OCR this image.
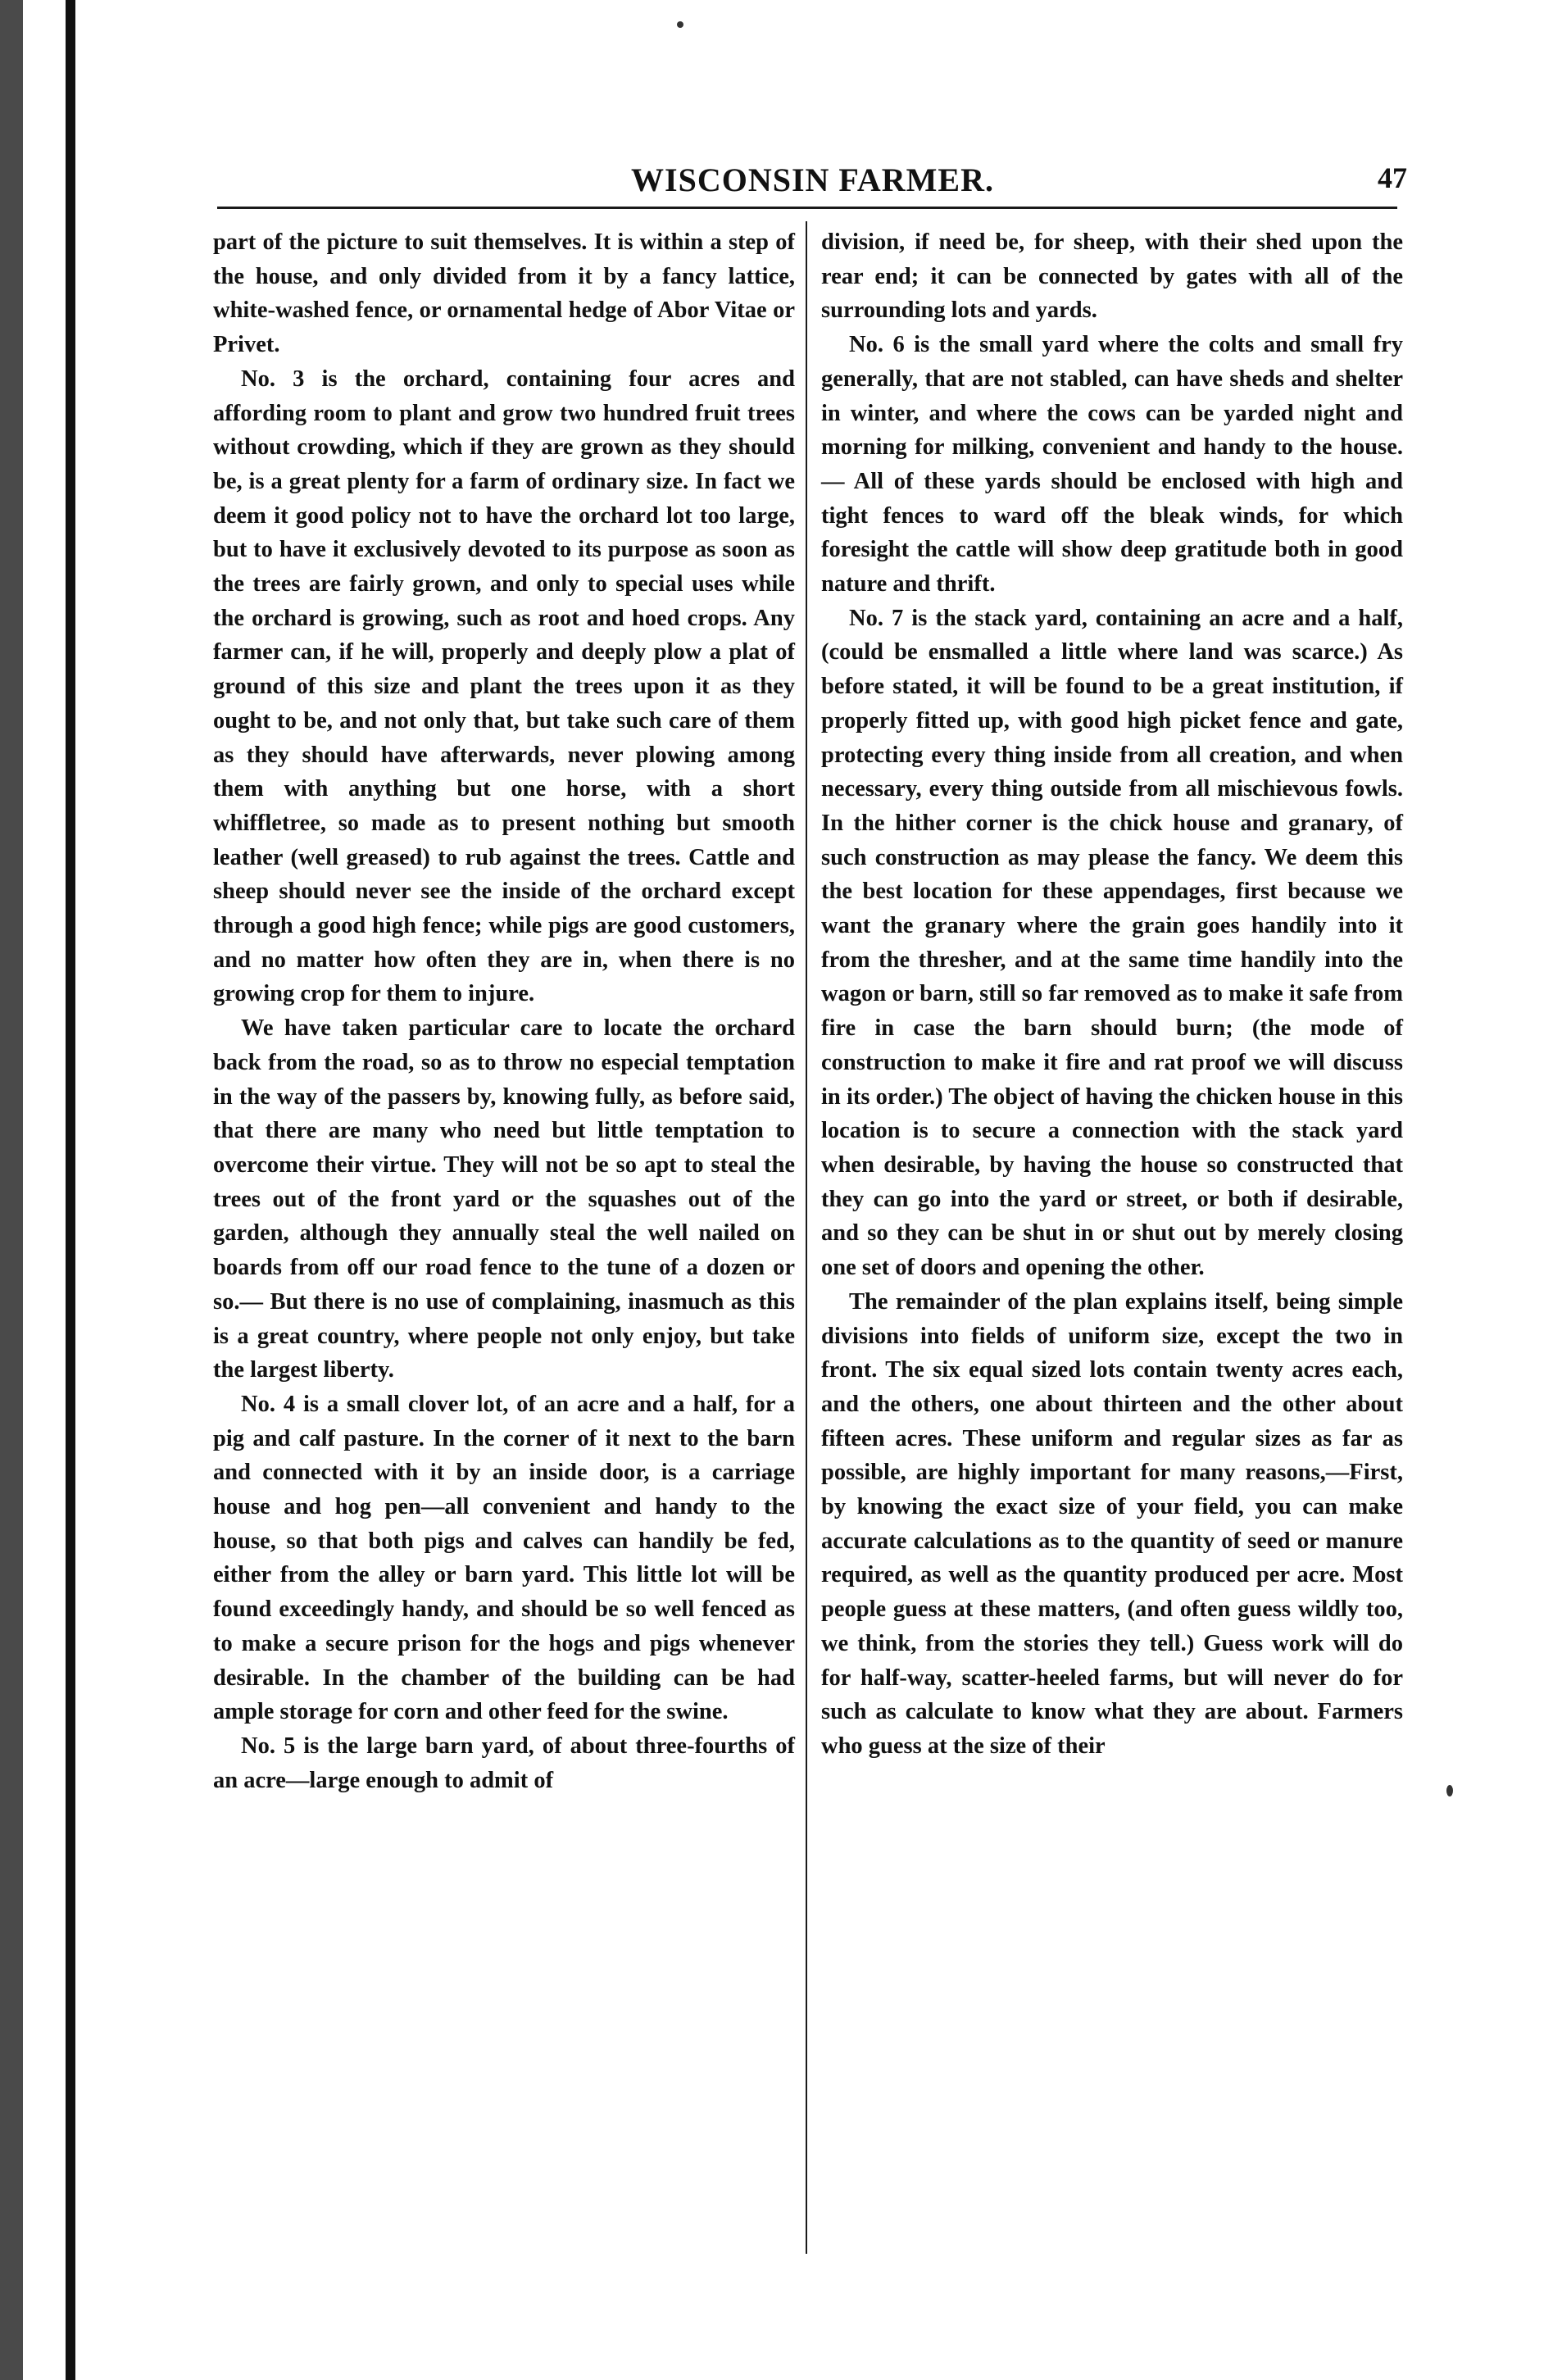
WISCONSIN FARMER.	47

part of the picture to suit themselves. It is within a step of the house, and only divided from it by a fancy lattice, white-washed fence, or ornamental hedge of Abor Vitae or Privet.

No. 3 is the orchard, containing four acres and affording room to plant and grow two hundred fruit trees without crowding, which if they are grown as they should be, is a great plenty for a farm of ordinary size. In fact we deem it good policy not to have the orchard lot too large, but to have it exclusively devoted to its purpose as soon as the trees are fairly grown, and only to special uses while the orchard is growing, such as root and hoed crops. Any farmer can, if he will, properly and deeply plow a plat of ground of this size and plant the trees upon it as they ought to be, and not only that, but take such care of them as they should have afterwards, never plowing among them with anything but one horse, with a short whiffletree, so made as to present nothing but smooth leather (well greased) to rub against the trees. Cattle and sheep should never see the inside of the orchard except through a good high fence; while pigs are good customers, and no matter how often they are in, when there is no growing crop for them to injure.

We have taken particular care to locate the orchard back from the road, so as to throw no especial temptation in the way of the passers by, knowing fully, as before said, that there are many who need but little temptation to overcome their virtue. They will not be so apt to steal the trees out of the front yard or the squashes out of the garden, although they annually steal the well nailed on boards from off our road fence to the tune of a dozen or so.— But there is no use of complaining, inasmuch as this is a great country, where people not only enjoy, but take the largest liberty.

No. 4 is a small clover lot, of an acre and a half, for a pig and calf pasture. In the corner of it next to the barn and connected with it by an inside door, is a carriage house and hog pen—all convenient and handy to the house, so that both pigs and calves can handily be fed, either from the alley or barn yard. This little lot will be found exceedingly handy, and should be so well fenced as to make a secure prison for the hogs and pigs whenever desirable. In the chamber of the building can be had ample storage for corn and other feed for the swine.

No. 5 is the large barn yard, of about three-fourths of an acre—large enough to admit of

division, if need be, for sheep, with their shed upon the rear end; it can be connected by gates with all of the surrounding lots and yards.

No. 6 is the small yard where the colts and small fry generally, that are not stabled, can have sheds and shelter in winter, and where the cows can be yarded night and morning for milking, convenient and handy to the house.— All of these yards should be enclosed with high and tight fences to ward off the bleak winds, for which foresight the cattle will show deep gratitude both in good nature and thrift.

No. 7 is the stack yard, containing an acre and a half, (could be ensmalled a little where land was scarce.) As before stated, it will be found to be a great institution, if properly fitted up, with good high picket fence and gate, protecting every thing inside from all creation, and when necessary, every thing outside from all mischievous fowls. In the hither corner is the chick house and granary, of such construction as may please the fancy. We deem this the best location for these appendages, first because we want the granary where the grain goes handily into it from the thresher, and at the same time handily into the wagon or barn, still so far removed as to make it safe from fire in case the barn should burn; (the mode of construction to make it fire and rat proof we will discuss in its order.) The object of having the chicken house in this location is to secure a connection with the stack yard when desirable, by having the house so constructed that they can go into the yard or street, or both if desirable, and so they can be shut in or shut out by merely closing one set of doors and opening the other.

The remainder of the plan explains itself, being simple divisions into fields of uniform size, except the two in front. The six equal sized lots contain twenty acres each, and the others, one about thirteen and the other about fifteen acres. These uniform and regular sizes as far as possible, are highly important for many reasons,—First, by knowing the exact size of your field, you can make accurate calculations as to the quantity of seed or manure required, as well as the quantity produced per acre. Most people guess at these matters, (and often guess wildly too, we think, from the stories they tell.) Guess work will do for half-way, scatter-heeled farms, but will never do for such as calculate to know what they are about. Farmers who guess at the size of their
